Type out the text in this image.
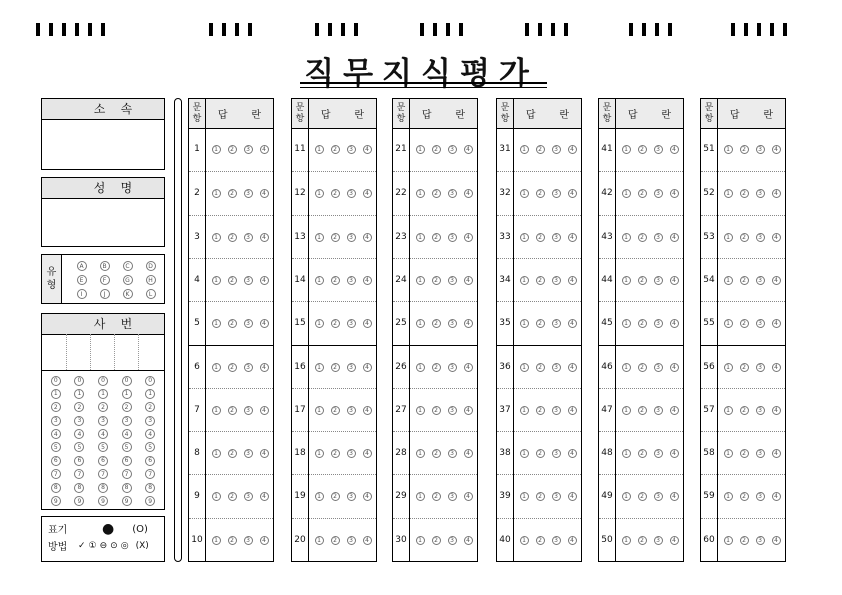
직무지식평가
소    속
성    명
유 형
A	B	C	D
E	F	G	H
I	J	K	L
사    번
0	0	0	0	0
1	1	1	1	1
2	2	2	2	2
3	3	3	3	3
4	4	4	4	4
5	5	5	5	5
6	6	6	6	6
7	7	7	7	7
8	8	8	8	8
9	9	9	9	9
표기 방법
● (O)
✓ ① ⊖ ⊙ ◎ (X)
문
항	답 란
1	1	2	3	4
2	1	2	3	4
3	1	2	3	4
4	1	2	3	4
5	1	2	3	4
6	1	2	3	4
7	1	2	3	4
8	1	2	3	4
9	1	2	3	4
10	1	2	3	4
문
항	답 란
11	1	2	3	4
12	1	2	3	4
13	1	2	3	4
14	1	2	3	4
15	1	2	3	4
16	1	2	3	4
17	1	2	3	4
18	1	2	3	4
19	1	2	3	4
20	1	2	3	4
문
항	답 란
21	1	2	3	4
22	1	2	3	4
23	1	2	3	4
24	1	2	3	4
25	1	2	3	4
26	1	2	3	4
27	1	2	3	4
28	1	2	3	4
29	1	2	3	4
30	1	2	3	4
문
항	답 란
31	1	2	3	4
32	1	2	3	4
33	1	2	3	4
34	1	2	3	4
35	1	2	3	4
36	1	2	3	4
37	1	2	3	4
38	1	2	3	4
39	1	2	3	4
40	1	2	3	4
문
항	답 란
41	1	2	3	4
42	1	2	3	4
43	1	2	3	4
44	1	2	3	4
45	1	2	3	4
46	1	2	3	4
47	1	2	3	4
48	1	2	3	4
49	1	2	3	4
50	1	2	3	4
문
항	답 란
51	1	2	3	4
52	1	2	3	4
53	1	2	3	4
54	1	2	3	4
55	1	2	3	4
56	1	2	3	4
57	1	2	3	4
58	1	2	3	4
59	1	2	3	4
60	1	2	3	4
